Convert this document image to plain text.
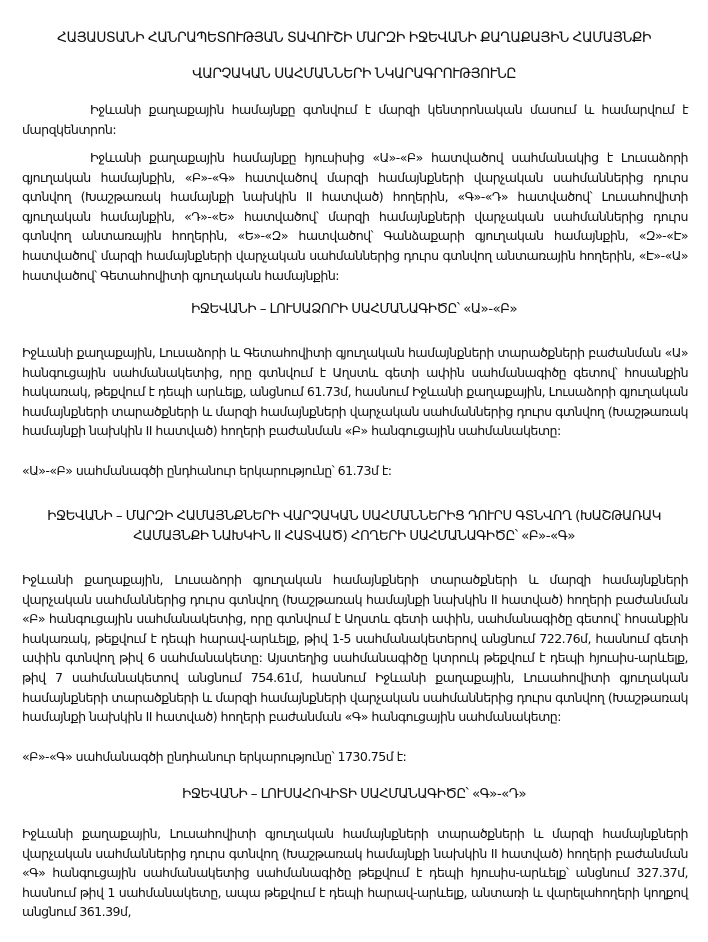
ՀԱՅԱՍՏԱՆԻ ՀԱՆՐԱՊԵՏՈՒԹՅԱՆ ՏԱՎՈՒՇԻ ՄԱՐԶԻ ԻՋԵՎԱՆԻ ՔԱՂԱՔԱՅԻՆ ՀԱՄԱՅՆՔԻ
ՎԱՐՉԱԿԱՆ ՍԱՀՄԱՆՆԵՐԻ ՆԿԱՐԱԳՐՈՒԹՅՈՒՆԸ

Իջևանի քաղաքային համայնքը գտնվում է մարզի կենտրոնական մասում և համարվում է մարզկենտրոն:

Իջևանի քաղաքային համայնքը հյուսիսից «Ա»-«Բ» հատվածով սահմանակից է Լուսաձորի գյուղական համայնքին, «Բ»-«Գ» հատվածով մարզի համայնքների վարչական սահմաններից դուրս գտնվող (Խաշթառակ համայնքի նախկին II հատված) հողերին, «Գ»-«Դ» հատվածով՝ Լուսահովիտի գյուղական համայնքին, «Դ»-«Ե» հատվածով՝ մարզի համայնքների վարչական սահմաններից դուրս գտնվող անտառային հողերին, «Ե»-«Զ» հատվածով՝ Գանձաքարի գյուղական համայնքին, «Զ»-«Է» հատվածով՝ մարզի համայնքների վարչական սահմաններից դուրս գտնվող անտառային հողերին, «Է»-«Ա» հատվածով՝ Գետահովիտի գյուղական համայնքին:

ԻՋԵՎԱՆԻ – ԼՈՒՍԱՁՈՐԻ ՍԱՀՄԱՆԱԳԻԾԸ՝ «Ա»-«Բ»

Իջևանի քաղաքային, Լուսաձորի և Գետահովիտի գյուղական համայնքների տարածքների բաժանման «Ա» հանգուցային սահմանակետից, որը գտնվում է Աղստև գետի ափին սահմանագիծը գետով՝ հոսանքին հակառակ, թեքվում է դեպի արևելք, անցնում 61.73մ, հասնում Իջևանի քաղաքային, Լուսաձորի գյուղական համայնքների տարածքների և մարզի համայնքների վարչական սահմաններից դուրս գտնվող (Խաշթառակ համայնքի նախկին II հատված) հողերի բաժանման «Բ» հանգուցային սահմանակետը:

«Ա»-«Բ» սահմանագծի ընդհանուր երկարությունը՝ 61.73մ է:
ԻՋԵՎԱՆԻ – ՄԱՐԶԻ ՀԱՄԱՅՆՔՆԵՐԻ ՎԱՐՉԱԿԱՆ ՍԱՀՄԱՆՆԵՐԻՑ ԴՈՒՐՍ ԳՏՆՎՈՂ (ԽԱՇԹԱՌԱԿ ՀԱՄԱՅՆՔԻ ՆԱԽԿԻՆ II ՀԱՏՎԱԾ) ՀՈՂԵՐԻ ՍԱՀՄԱՆԱԳԻԾԸ՝ «Բ»-«Գ»

Իջևանի քաղաքային, Լուսաձորի գյուղական համայնքների տարածքների և մարզի համայնքների վարչական սահմաններից դուրս գտնվող (Խաշթառակ համայնքի նախկին II հատված) հողերի բաժանման «Բ» հանգուցային սահմանակետից, որը գտնվում է Աղստև գետի ափին, սահմանագիծը գետով՝ հոսանքին հակառակ, թեքվում է դեպի հարավ-արևելք, թիվ 1-5 սահմանակետերով անցնում 722.76մ, հասնում գետի ափին գտնվող թիվ 6 սահմանակետը: Այստեղից սահմանագիծը կտրուկ թեքվում է դեպի հյուսիս-արևելք, թիվ 7 սահմանակետով անցնում 754.61մ, հասնում Իջևանի քաղաքային, Լուսահովիտի գյուղական համայնքների տարածքների և մարզի համայնքների վարչական սահմաններից դուրս գտնվող (Խաշթառակ համայնքի նախկին II հատված) հողերի բաժանման «Գ» հանգուցային սահմանակետը:

«Բ»-«Գ» սահմանագծի ընդհանուր երկարությունը՝ 1730.75մ է:
ԻՋԵՎԱՆԻ – ԼՈՒՍԱՀՈՎԻՏԻ ՍԱՀՄԱՆԱԳԻԾԸ՝ «Գ»-«Դ»

Իջևանի քաղաքային, Լուսահովիտի գյուղական համայնքների տարածքների և մարզի համայնքների վարչական սահմաններից դուրս գտնվող (Խաշթառակ համայնքի նախկին II հատված) հողերի բաժանման «Գ» հանգուցային սահմանակետից սահմանագիծը թեքվում է դեպի հյուսիս-արևելք՝ անցնում 327.37մ, հասնում թիվ 1 սահմանակետը, ապա թեքվում է դեպի հարավ-արևելք, անտառի և վարելահողերի կողքով անցնում 361.39մ,
